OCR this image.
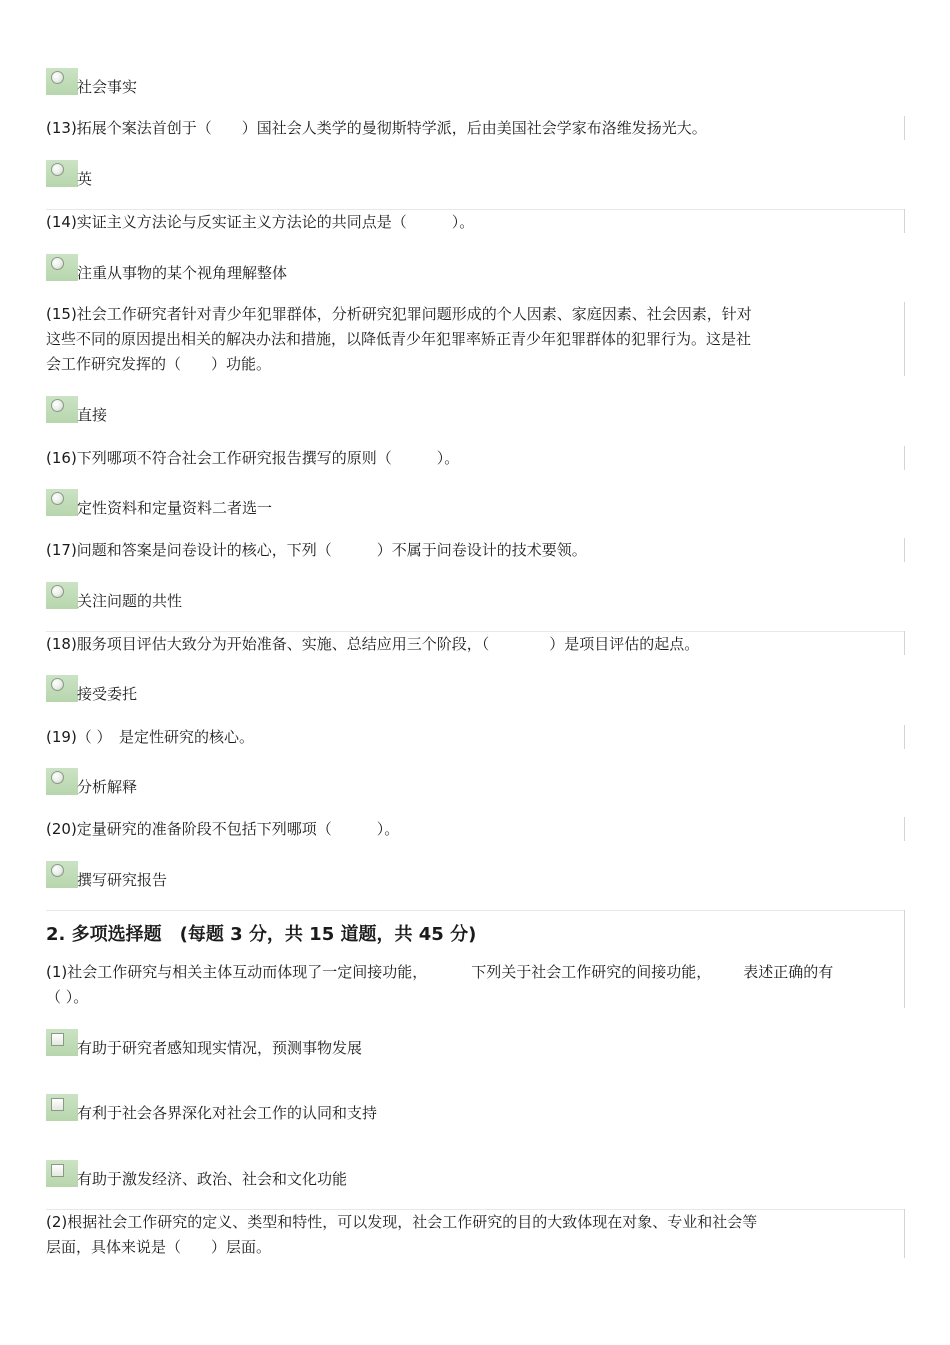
社会事实
(13)拓展个案法首创于（　　）国社会人类学的曼彻斯特学派，后由美国社会学家布洛维发扬光大。
英
(14)实证主义方法论与反实证主义方法论的共同点是（　　　）。
注重从事物的某个视角理解整体
(15)社会工作研究者针对青少年犯罪群体，分析研究犯罪问题形成的个人因素、家庭因素、社会因素，针对
这些不同的原因提出相关的解决办法和措施，以降低青少年犯罪率矫正青少年犯罪群体的犯罪行为。这是社
会工作研究发挥的（　　）功能。
直接
(16)下列哪项不符合社会工作研究报告撰写的原则（　　　）。
定性资料和定量资料二者选一
(17)问题和答案是问卷设计的核心，下列（　　　）不属于问卷设计的技术要领。
关注问题的共性
(18)服务项目评估大致分为开始准备、实施、总结应用三个阶段，（　　　　）是项目评估的起点。
接受委托
(19)（ ）　是定性研究的核心。
分析解释
(20)定量研究的准备阶段不包括下列哪项（　　　）。
撰写研究报告
2. 多项选择题　(每题 3 分，共 15 道题，共 45 分)
(1)社会工作研究与相关主体互动而体现了一定间接功能，	下列关于社会工作研究的间接功能， 表述正确的有
（ ）。
有助于研究者感知现实情况，预测事物发展
有利于社会各界深化对社会工作的认同和支持
有助于激发经济、政治、社会和文化功能
(2)根据社会工作研究的定义、类型和特性，可以发现，社会工作研究的目的大致体现在对象、专业和社会等
层面，具体来说是（　　）层面。
